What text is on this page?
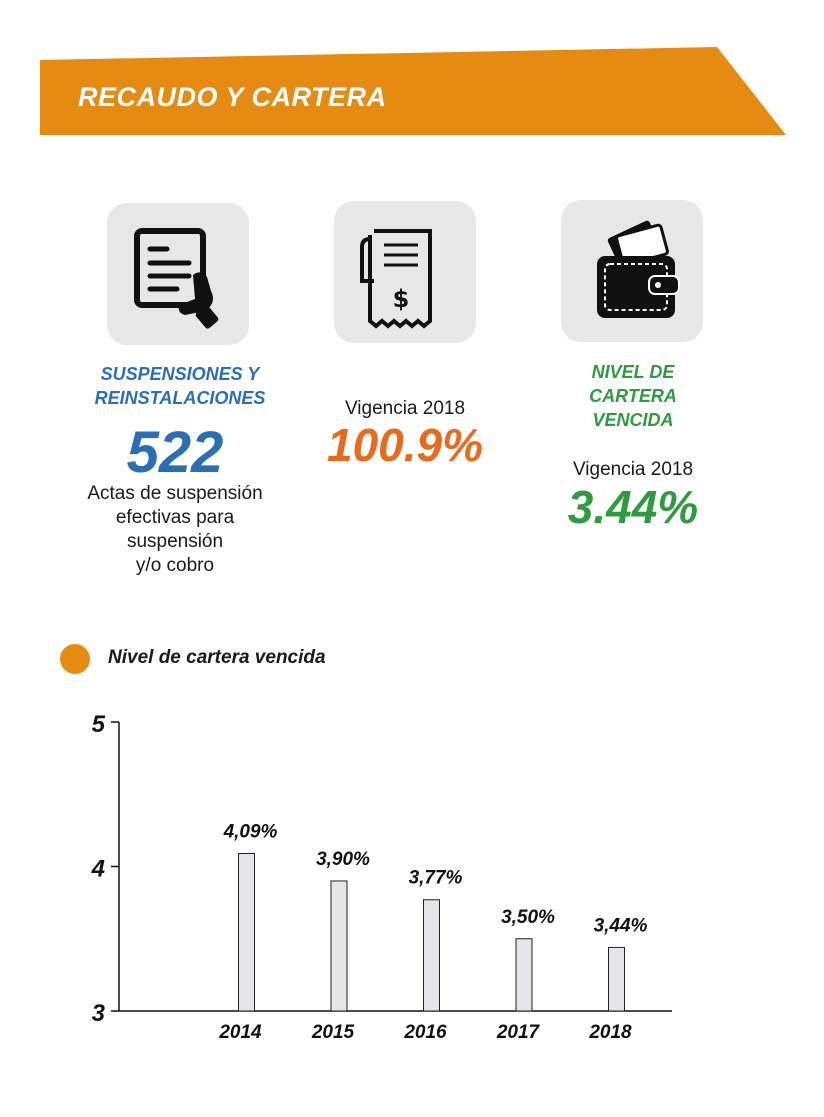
RECAUDO Y CARTERA
$
SUSPENSIONES Y
REINSTALACIONES
522
Actas de suspensión
efectivas para
suspensión
y/o cobro
Vigencia 2018
100.9%
NIVEL DE
CARTERA
VENCIDA
Vigencia 2018
3.44%
Nivel de cartera vencida
3
4
5
4,09%
2014
3,90%
2015
3,77%
2016
3,50%
2017
3,44%
2018
